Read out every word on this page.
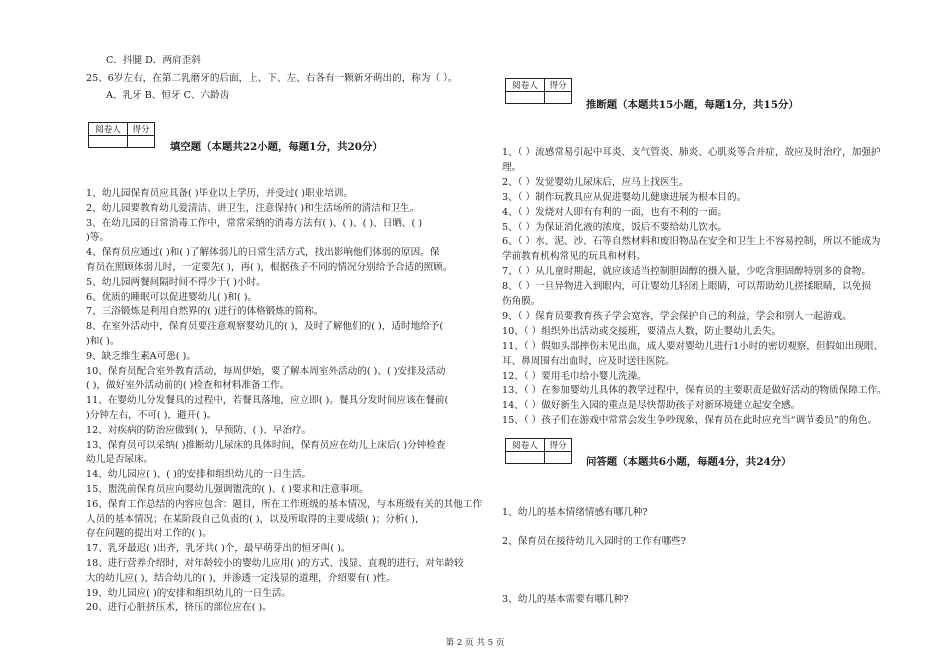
C．抖腿 D．两肩歪斜
25、6岁左右，在第二乳磨牙的后面，上、下、左、右各有一颗新牙萌出的，称为（ ）。
A、乳牙 B、恒牙 C、六龄齿
阅卷人	得分

填空题（本题共22小题，每题1分，共20分）
1、幼儿园保育员应具备( )毕业以上学历，并受过( )职业培训。
2、幼儿园要教育幼儿爱清洁、讲卫生，注意保持( )和生活场所的清洁和卫生。
3、在幼儿园的日常消毒工作中，常常采纳的消毒方法有( )、( )、( )、日晒、( )
)等。
4、保育员应通过( )和( )了解体弱儿的日常生活方式，找出影响他们体弱的原因。保
育员在照顾体弱儿时，一定要先( )，再( )，根据孩子不同的情况分别给予合适的照顾。
5、幼儿园两餐间隔时间不得少于( )小时。
6、优质的睡眠可以促进婴幼儿( )和( )。
7、三浴锻炼是利用自然界的( )进行的体格锻炼的简称。
8、在室外活动中，保育员要注意观察婴幼儿的( )，及时了解他们的( )，适时地给予(
)和( )。
9、缺乏维生素A可患( )。
10、保育员配合室外教育活动，每周伊始，要了解本周室外活动的( )、( )安排及活动
( )，做好室外活动前的( )检查和材料准备工作。
11、在婴幼儿分发餐具的过程中，若餐具落地，应立即( )。餐具分发时间应该在餐前(
)分钟左右，不可( )，避开( )。
12、对疾病的防治应做到( )，早预防、( )、早治疗。
13、保育员可以采纳( )推断幼儿尿床的具体时间，保育员应在幼儿上床后( )分钟检查
幼儿是否尿床。
14、幼儿园应( )、( )的安排和组织幼儿的一日生活。
15、盥洗前保育员应向婴幼儿强调盥洗的( )、( )要求和注意事项。
16、保育工作总结的内容应包含：题目，所在工作班级的基本情况，与本班级有关的其他工作
人员的基本情况；在某阶段自己负责的( )，以及所取得的主要成绩( )；分析( )，
存在问题的提出对工作的( )。
17、乳牙最迟( )出齐，乳牙共( )个，最早萌芽出的恒牙叫( )。
18、进行营养介绍时，对年龄较小的婴幼儿应用( )的方式、浅显、直观的进行，对年龄较
大的幼儿应( )，结合幼儿的( )，并渗透一定浅显的道理，介绍要有( )性。
19、幼儿园应( )的安排和组织幼儿的一日生活。
20、进行心脏挤压术，挤压的部位应在( )。
阅卷人	得分

推断题（本题共15小题，每题1分，共15分）
1、（ ）流感常易引起中耳炎、支气管炎、肺炎、心肌炎等合并症，故应及时治疗，加强护
理。
2、（ ）发觉婴幼儿尿床后，应马上找医生。
3、（ ）制作玩教具应从促进婴幼儿健康进展为根本目的。
4、（ ）发烧对人即有有利的一面，也有不利的一面。
5、（ ）为保证消化液的浓度，饭后不要给幼儿饮水。
6、（ ）水、泥、沙、石等自然材料和废旧物品在安全和卫生上不容易控制，所以不能成为
学前教育机构常见的玩具和材料。
7、（ ）从儿童时期起，就应该适当控制胆固醇的摄入量，少吃含胆固醇特别多的食物。
8、（ ）一旦异物进入到眼内，可让婴幼儿轻闭上眼睛，可以帮助幼儿搓揉眼睛，以免损
伤角膜。
9、（ ）保育员要教育孩子学会宽容，学会保护自己的利益，学会和别人一起游戏。
10、（ ）组织外出活动或交接班，要清点人数，防止婴幼儿丢失。
11、（ ）假如头部摔伤未见出血，成人要对婴幼儿进行1小时的密切观察，但假如出现眼、
耳、鼻周围有出血时，应及时送往医院。
12、（ ）要用毛巾给小婴儿洗澡。
13、（ ）在参加婴幼儿具体的教学过程中，保育员的主要职责是做好活动的物质保障工作。
14、（ ）做好新生入园的重点是尽快帮助孩子对新环境建立起安全感。
15、（ ）孩子们在游戏中常常会发生争吵现象，保育员在此时应充当“调节委员”的角色。
阅卷人	得分

问答题（本题共6小题，每题4分，共24分）
1、幼儿的基本情绪情感有哪几种?
2、保育员在接待幼儿入园时的工作有哪些?
3、幼儿的基本需要有哪几种?
第 2 页 共 5 页
